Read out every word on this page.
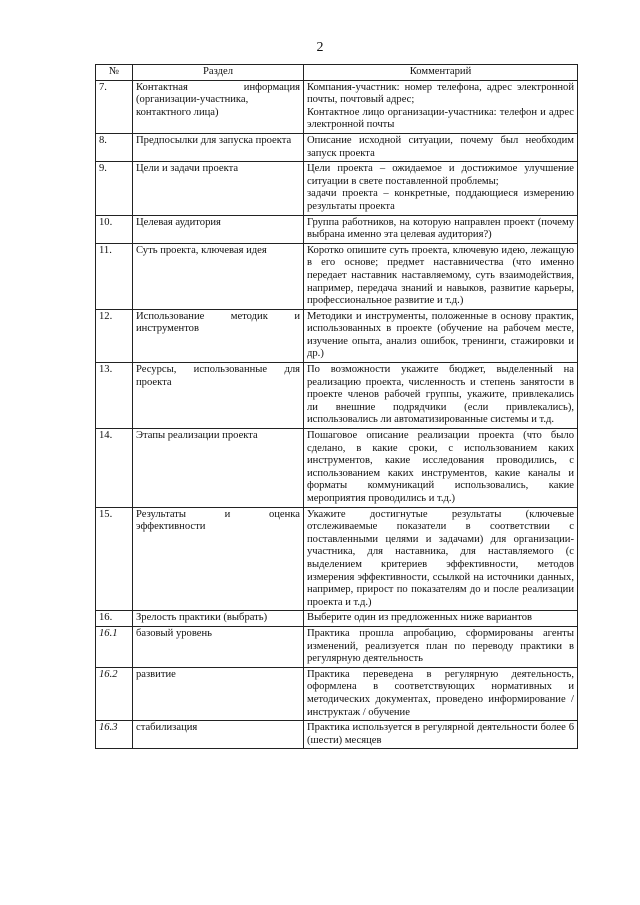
2
№	Раздел	Комментарий
7.	Контактная информация (организации-участника, контактного лица)	Компания-участник: номер телефона, адрес электронной почты, почтовый адрес;
Контактное лицо организации-участника: телефон и адрес электронной почты

8.	Предпосылки для запуска проекта	Описание исходной ситуации, почему был необходим запуск проекта

9.	Цели и задачи проекта	Цели проекта – ожидаемое и достижимое улучшение ситуации в свете поставленной проблемы;
задачи проекта – конкретные, поддающиеся измерению результаты проекта

10.	Целевая аудитория	Группа работников, на которую направлен проект (почему выбрана именно эта целевая аудитория?)

11.	Суть проекта, ключевая идея	Коротко опишите суть проекта, ключевую идею, лежащую в его основе; предмет наставничества (что именно передает наставник наставляемому, суть взаимодействия, например, передача знаний и навыков, развитие карьеры, профессиональное развитие и т.д.)

12.	Использование методик и инструментов	Методики и инструменты, положенные в основу практик, использованных в проекте (обучение на рабочем месте, изучение опыта, анализ ошибок, тренинги, стажировки и др.)

13.	Ресурсы, использованные для проекта	По возможности укажите бюджет, выделенный на реализацию проекта, численность и степень занятости в проекте членов рабочей группы, укажите, привлекались ли внешние подрядчики (если привлекались), использовались ли автоматизированные системы и т.д.

14.	Этапы реализации проекта	Пошаговое описание реализации проекта (что было сделано, в какие сроки, с использованием каких инструментов, какие исследования проводились, с использованием каких инструментов, какие каналы и форматы коммуникаций использовались, какие мероприятия проводились и т.д.)

15.	Результаты и оценка эффективности	Укажите достигнутые результаты (ключевые отслеживаемые показатели в соответствии с поставленными целями и задачами) для организации-участника, для наставника, для наставляемого (с выделением критериев эффективности, методов измерения эффективности, ссылкой на источники данных, например, прирост по показателям до и после реализации проекта и т.д.)

16.	Зрелость практики (выбрать)	Выберите один из предложенных ниже вариантов

16.1	базовый уровень	Практика прошла апробацию, сформированы агенты изменений, реализуется план по переводу практики в регулярную деятельность

16.2	развитие	Практика переведена в регулярную деятельность, оформлена в соответствующих нормативных и методических документах, проведено информирование / инструктаж / обучение

16.3	стабилизация	Практика используется в регулярной деятельности более 6 (шести) месяцев
